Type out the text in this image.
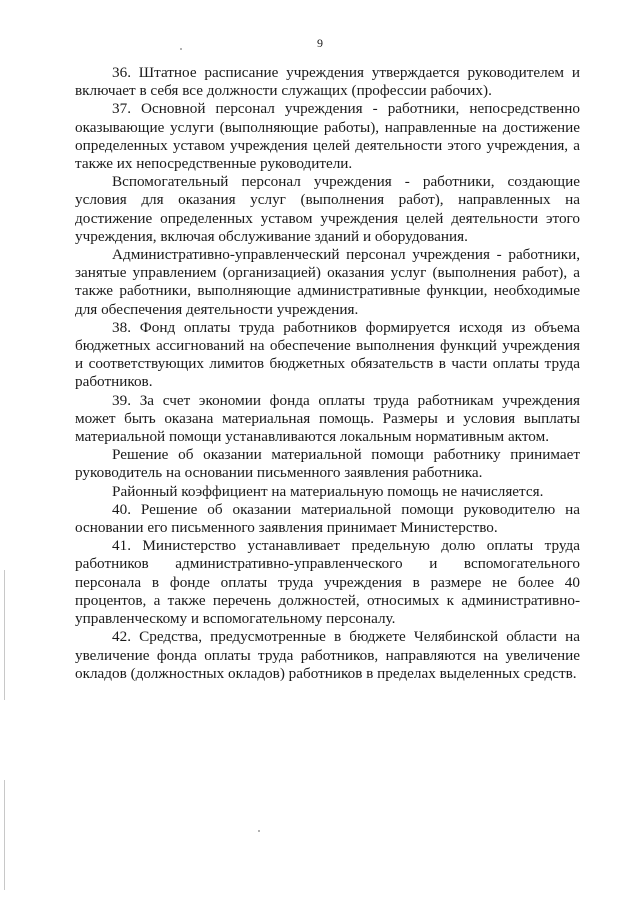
9

36. Штатное расписание учреждения утверждается руководителем и включает в себя все должности служащих (профессии рабочих).

37. Основной персонал учреждения - работники, непосредственно оказывающие услуги (выполняющие работы), направленные на достижение определенных уставом учреждения целей деятельности этого учреждения, а также их непосредственные руководители.

Вспомогательный персонал учреждения - работники, создающие условия для оказания услуг (выполнения работ), направленных на достижение определенных уставом учреждения целей деятельности этого учреждения, включая обслуживание зданий и оборудования.

Административно-управленческий персонал учреждения - работники, занятые управлением (организацией) оказания услуг (выполнения работ), а также работники, выполняющие административные функции, необходимые для обеспечения деятельности учреждения.

38. Фонд оплаты труда работников формируется исходя из объема бюджетных ассигнований на обеспечение выполнения функций учреждения и соответствующих лимитов бюджетных обязательств в части оплаты труда работников.

39. За счет экономии фонда оплаты труда работникам учреждения может быть оказана материальная помощь. Размеры и условия выплаты материальной помощи устанавливаются локальным нормативным актом.

Решение об оказании материальной помощи работнику принимает руководитель на основании письменного заявления работника.

Районный коэффициент на материальную помощь не начисляется.

40. Решение об оказании материальной помощи руководителю на основании его письменного заявления принимает Министерство.

41. Министерство устанавливает предельную долю оплаты труда работников административно-управленческого и вспомогательного персонала в фонде оплаты труда учреждения в размере не более 40 процентов, а также перечень должностей, относимых к административно-управленческому и вспомогательному персоналу.

42. Средства, предусмотренные в бюджете Челябинской области на увеличение фонда оплаты труда работников, направляются на увеличение окладов (должностных окладов) работников в пределах выделенных средств.
